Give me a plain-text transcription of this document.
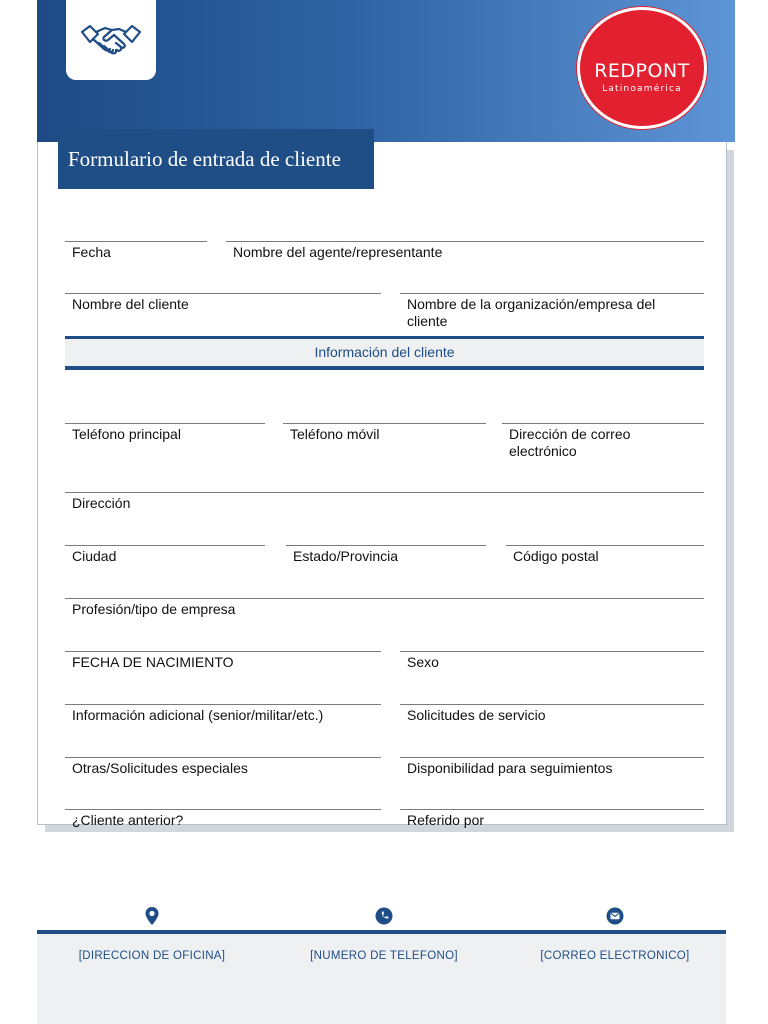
REDPONT
Latinoamérica
Formulario de entrada de cliente
Fecha	Nombre del agente/representante
Nombre del cliente	Nombre de la organización/empresa del cliente
Información del cliente
Teléfono principal	Teléfono móvil	Dirección de correo electrónico
Dirección
Ciudad	Estado/Provincia	Código postal
Profesión/tipo de empresa
FECHA DE NACIMIENTO	Sexo
Información adicional (senior/militar/etc.)	Solicitudes de servicio
Otras/Solicitudes especiales	Disponibilidad para seguimientos
¿Cliente anterior?	Referido por
[DIRECCION DE OFICINA]	[NUMERO DE TELEFONO]	[CORREO ELECTRONICO]
